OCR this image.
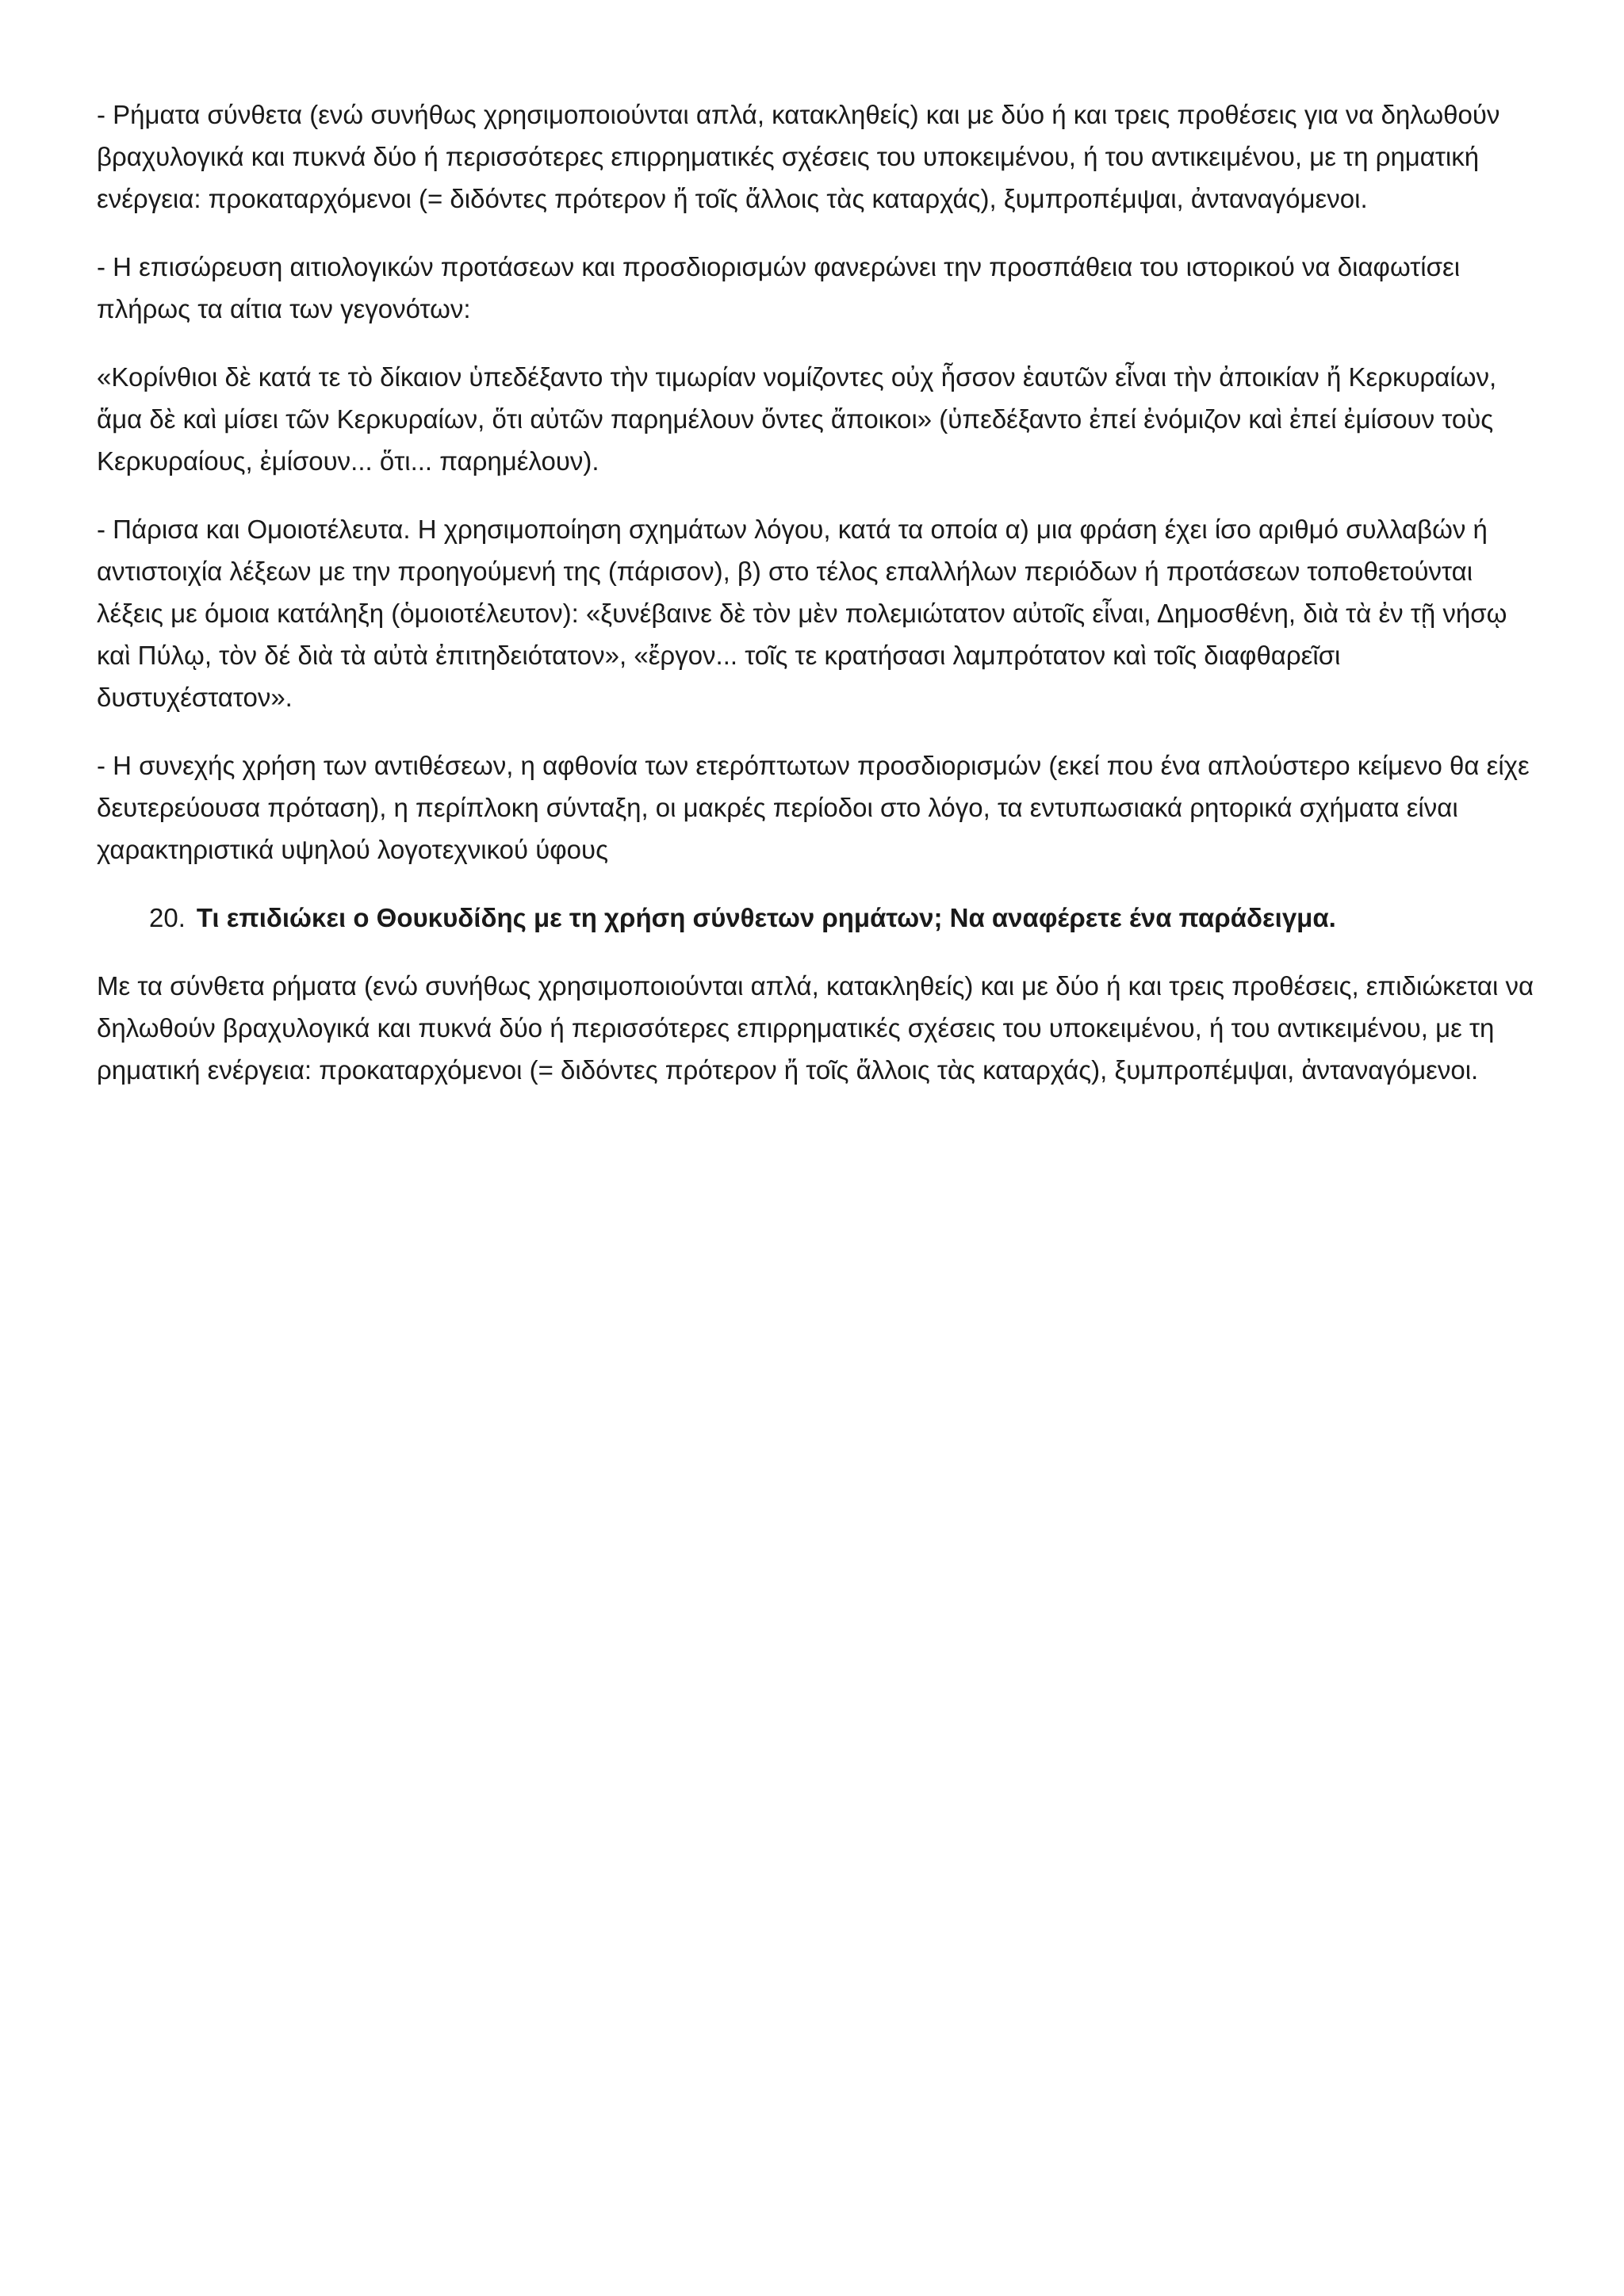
- Ρήματα σύνθετα (ενώ συνήθως χρησιμοποιούνται απλά, κατακληθείς) και με δύο ή και τρεις προθέσεις για να δηλωθούν βραχυλογικά και πυκνά δύο ή περισσότερες επιρρηματικές σχέσεις του υποκειμένου, ή του αντικειμένου, με τη ρηματική ενέργεια: προκαταρχόμενοι (= διδόντες πρότερον ἤ τοῖς ἄλλοις τὰς καταρχάς), ξυμπροπέμψαι, ἀνταναγόμενοι.

- Η επισώρευση αιτιολογικών προτάσεων και προσδιορισμών φανερώνει την προσπάθεια του ιστορικού να διαφωτίσει πλήρως τα αίτια των γεγονότων:

«Κορίνθιοι δὲ κατά τε τὸ δίκαιον ὑπεδέξαντο τὴν τιμωρίαν νομίζοντες οὐχ ἧσσον ἑαυτῶν εἶναι τὴν ἀποικίαν ἤ Κερκυραίων, ἅμα δὲ καὶ μίσει τῶν Κερκυραίων, ὅτι αὐτῶν παρημέλουν ὄντες ἄποικοι» (ὑπεδέξαντο ἐπεί ἐνόμιζον καὶ ἐπεί ἐμίσουν τοὺς Κερκυραίους, ἐμίσουν... ὅτι... παρημέλουν).

- Πάρισα και Ομοιοτέλευτα. Η χρησιμοποίηση σχημάτων λόγου, κατά τα οποία α) μια φράση έχει ίσο αριθμό συλλαβών ή αντιστοιχία λέξεων με την προηγούμενή της (πάρισον), β) στο τέλος επαλλήλων περιόδων ή προτάσεων τοποθετούνται λέξεις με όμοια κατάληξη (ὁμοιοτέλευτον): «ξυνέβαινε δὲ τὸν μὲν πολεμιώτατον αὐτοῖς εἶναι, Δημοσθένη, διὰ τὰ ἐν τῇ νήσῳ καὶ Πύλῳ, τὸν δέ διὰ τὰ αὐτὰ ἐπιτηδειότατον», «ἔργον... τοῖς τε κρατήσασι λαμπρότατον καὶ τοῖς διαφθαρεῖσι δυστυχέστατον».

- Η συνεχής χρήση των αντιθέσεων, η αφθονία των ετερόπτωτων προσδιορισμών (εκεί που ένα απλούστερο κείμενο θα είχε δευτερεύουσα πρόταση), η περίπλοκη σύνταξη, οι μακρές περίοδοι στο λόγο, τα εντυπωσιακά ρητορικά σχήματα είναι χαρακτηριστικά υψηλού λογοτεχνικού ύφους

20. Τι επιδιώκει ο Θουκυδίδης με τη χρήση σύνθετων ρημάτων; Να αναφέρετε ένα παράδειγμα.

Με τα σύνθετα ρήματα (ενώ συνήθως χρησιμοποιούνται απλά, κατακληθείς) και με δύο ή και τρεις προθέσεις, επιδιώκεται να δηλωθούν βραχυλογικά και πυκνά δύο ή περισσότερες επιρρηματικές σχέσεις του υποκειμένου, ή του αντικειμένου, με τη ρηματική ενέργεια: προκαταρχόμενοι (= διδόντες πρότερον ἤ τοῖς ἄλλοις τὰς καταρχάς), ξυμπροπέμψαι, ἀνταναγόμενοι.
